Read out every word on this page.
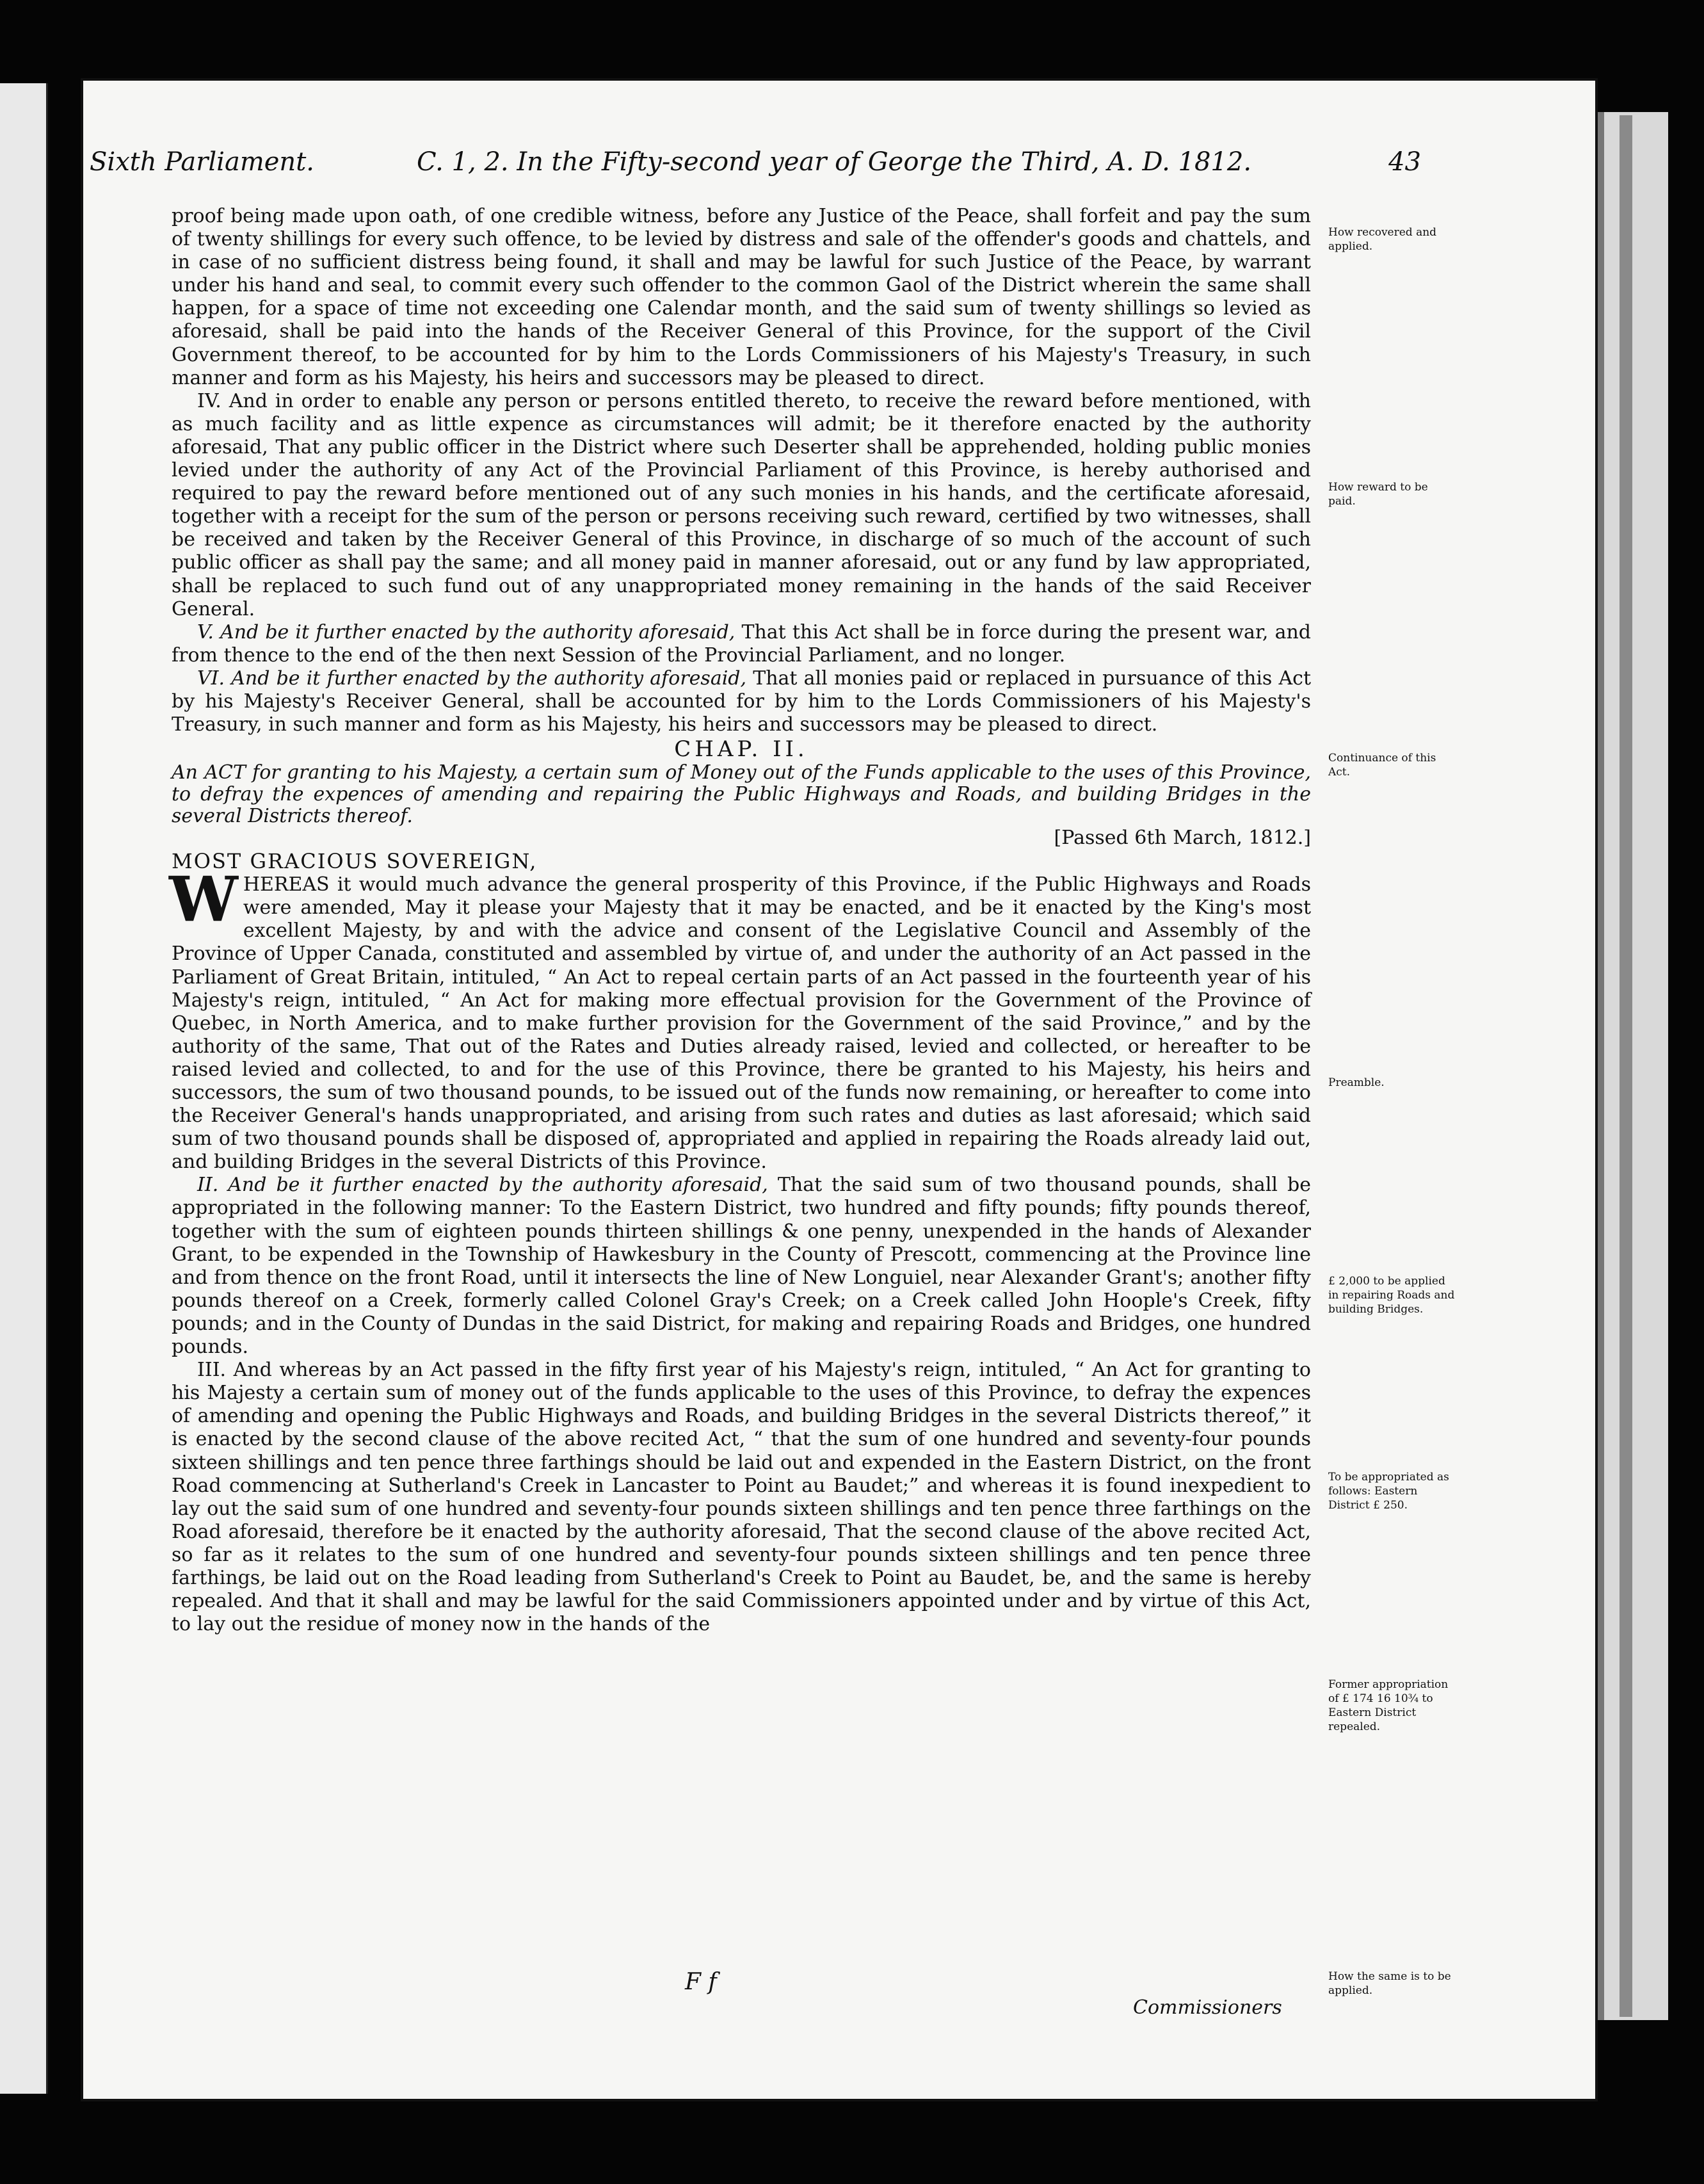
Sixth Parliament.	C. 1, 2. In the Fifty-second year of George the Third, A. D. 1812.	43

proof being made upon oath, of one credible witness, before any Justice of the Peace, shall forfeit and pay the sum of twenty shillings for every such offence, to be levied by distress and sale of the offender's goods and chattels, and in case of no sufficient distress being found, it shall and may be lawful for such Justice of the Peace, by warrant under his hand and seal, to commit every such offender to the common Gaol of the District wherein the same shall happen, for a space of time not exceeding one Calendar month, and the said sum of twenty shillings so levied as aforesaid, shall be paid into the hands of the Receiver General of this Province, for the support of the Civil Government thereof, to be accounted for by him to the Lords Commissioners of his Majesty's Treasury, in such manner and form as his Majesty, his heirs and successors may be pleased to direct.

IV. And in order to enable any person or persons entitled thereto, to receive the reward before mentioned, with as much facility and as little expence as circumstances will admit; be it therefore enacted by the authority aforesaid, That any public officer in the District where such Deserter shall be apprehended, holding public monies levied under the authority of any Act of the Provincial Parliament of this Province, is hereby authorised and required to pay the reward before mentioned out of any such monies in his hands, and the certificate aforesaid, together with a receipt for the sum of the person or persons receiving such reward, certified by two witnesses, shall be received and taken by the Receiver General of this Province, in discharge of so much of the account of such public officer as shall pay the same; and all money paid in manner aforesaid, out or any fund by law appropriated, shall be replaced to such fund out of any unappropriated money remaining in the hands of the said Receiver General.

V. And be it further enacted by the authority aforesaid, That this Act shall be in force during the present war, and from thence to the end of the then next Session of the Provincial Parliament, and no longer.

VI. And be it further enacted by the authority aforesaid, That all monies paid or replaced in pursuance of this Act by his Majesty's Receiver General, shall be accounted for by him to the Lords Commissioners of his Majesty's Treasury, in such manner and form as his Majesty, his heirs and successors may be pleased to direct.

CHAP. II.

An ACT for granting to his Majesty, a certain sum of Money out of the Funds applicable to the uses of this Province, to defray the expences of amending and repairing the Public Highways and Roads, and building Bridges in the several Districts thereof.

[Passed 6th March, 1812.]

MOST GRACIOUS SOVEREIGN,

WHEREAS it would much advance the general prosperity of this Province, if the Public Highways and Roads were amended, May it please your Majesty that it may be enacted, and be it enacted by the King's most excellent Majesty, by and with the advice and consent of the Legislative Council and Assembly of the Province of Upper Canada, constituted and assembled by virtue of, and under the authority of an Act passed in the Parliament of Great Britain, intituled, “ An Act to repeal certain parts of an Act passed in the fourteenth year of his Majesty's reign, intituled, “ An Act for making more effectual provision for the Government of the Province of Quebec, in North America, and to make further provision for the Government of the said Province,” and by the authority of the same, That out of the Rates and Duties already raised, levied and collected, or hereafter to be raised levied and collected, to and for the use of this Province, there be granted to his Majesty, his heirs and successors, the sum of two thousand pounds, to be issued out of the funds now remaining, or hereafter to come into the Receiver General's hands unappropriated, and arising from such rates and duties as last aforesaid; which said sum of two thousand pounds shall be disposed of, appropriated and applied in repairing the Roads already laid out, and building Bridges in the several Districts of this Province.

II. And be it further enacted by the authority aforesaid, That the said sum of two thousand pounds, shall be appropriated in the following manner: To the Eastern District, two hundred and fifty pounds; fifty pounds thereof, together with the sum of eighteen pounds thirteen shillings & one penny, unexpended in the hands of Alexander Grant, to be expended in the Township of Hawkesbury in the County of Prescott, commencing at the Province line and from thence on the front Road, until it intersects the line of New Longuiel, near Alexander Grant's; another fifty pounds thereof on a Creek, formerly called Colonel Gray's Creek; on a Creek called John Hoople's Creek, fifty pounds; and in the County of Dundas in the said District, for making and repairing Roads and Bridges, one hundred pounds.

III. And whereas by an Act passed in the fifty first year of his Majesty's reign, intituled, “ An Act for granting to his Majesty a certain sum of money out of the funds applicable to the uses of this Province, to defray the expences of amending and opening the Public Highways and Roads, and building Bridges in the several Districts thereof,” it is enacted by the second clause of the above recited Act, “ that the sum of one hundred and seventy-four pounds sixteen shillings and ten pence three farthings should be laid out and expended in the Eastern District, on the front Road commencing at Sutherland's Creek in Lancaster to Point au Baudet;” and whereas it is found inexpedient to lay out the said sum of one hundred and seventy-four pounds sixteen shillings and ten pence three farthings on the Road aforesaid, therefore be it enacted by the authority aforesaid, That the second clause of the above recited Act, so far as it relates to the sum of one hundred and seventy-four pounds sixteen shillings and ten pence three farthings, be laid out on the Road leading from Sutherland's Creek to Point au Baudet, be, and the same is hereby repealed. And that it shall and may be lawful for the said Commissioners appointed under and by virtue of this Act, to lay out the residue of money now in the hands of the

How recovered and applied.
How reward to be paid.
Continuance of this Act.
Preamble.
£ 2,000 to be applied in repairing Roads and building Bridges.
To be appropriated as follows: Eastern District £ 250.
Former appropriation of £ 174 16 10¾ to Eastern District repealed.
How the same is to be applied.
F f
Commissioners
